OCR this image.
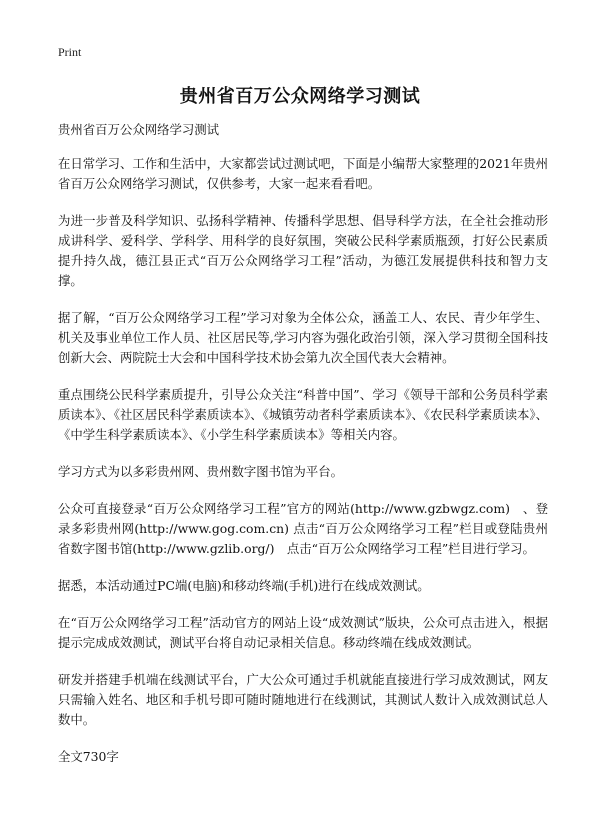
Print
贵州省百万公众网络学习测试

贵州省百万公众网络学习测试

在日常学习、工作和生活中，大家都尝试过测试吧，下面是小编帮大家整理的2021年贵州省百万公众网络学习测试，仅供参考，大家一起来看看吧。

为进一步普及科学知识、弘扬科学精神、传播科学思想、倡导科学方法，在全社会推动形成讲科学、爱科学、学科学、用科学的良好氛围，突破公民科学素质瓶颈，打好公民素质提升持久战，德江县正式“百万公众网络学习工程”活动，为德江发展提供科技和智力支撑。

据了解，“百万公众网络学习工程”学习对象为全体公众，涵盖工人、农民、青少年学生、机关及事业单位工作人员、社区居民等,学习内容为强化政治引领，深入学习贯彻全国科技创新大会、两院院士大会和中国科学技术协会第九次全国代表大会精神。

重点围绕公民科学素质提升，引导公众关注“科普中国”、学习《领导干部和公务员科学素质读本》、《社区居民科学素质读本》、《城镇劳动者科学素质读本》、《农民科学素质读本》、《中学生科学素质读本》、《小学生科学素质读本》等相关内容。

学习方式为以多彩贵州网、贵州数字图书馆为平台。

公众可直接登录“百万公众网络学习工程”官方的网站(http://www.gzbwgz.com)　、登录多彩贵州网(http://www.gog.com.cn) 点击“百万公众网络学习工程”栏目或登陆贵州省数字图书馆(http://www.gzlib.org/)　点击“百万公众网络学习工程”栏目进行学习。

据悉，本活动通过PC端(电脑)和移动终端(手机)进行在线成效测试。

在“百万公众网络学习工程”活动官方的网站上设“成效测试”版块，公众可点击进入，根据提示完成成效测试，测试平台将自动记录相关信息。移动终端在线成效测试。

研发并搭建手机端在线测试平台，广大公众可通过手机就能直接进行学习成效测试，网友只需输入姓名、地区和手机号即可随时随地进行在线测试，其测试人数计入成效测试总人数中。

全文730字
